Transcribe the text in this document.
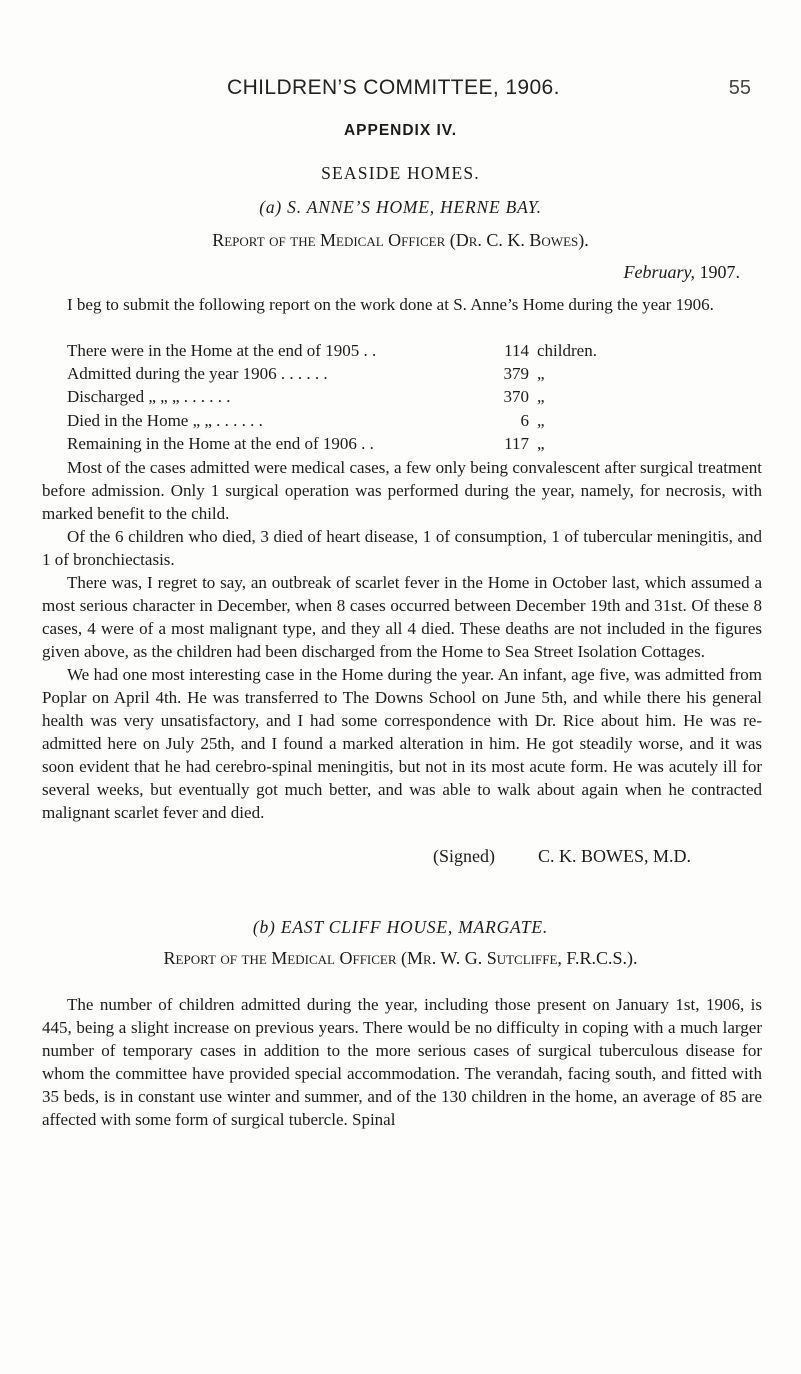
CHILDREN’S COMMITTEE, 1906.	55
APPENDIX IV.
SEASIDE HOMES.
(a) S. ANNE’S HOME, HERNE BAY.
Report of the Medical Officer (Dr. C. K. Bowes).
February, 1907.

I beg to submit the following report on the work done at S. Anne’s Home during the year 1906.

There were in the Home at the end of 1905 . .	114 children.
Admitted during the year 1906 . . . . . .	379 „
Discharged „ „ „ . . . . . .	370 „
Died in the Home „ „ . . . . . .	6 „
Remaining in the Home at the end of 1906 . .	117 „

Most of the cases admitted were medical cases, a few only being convalescent after surgical treatment before admission. Only 1 surgical operation was performed during the year, namely, for necrosis, with marked benefit to the child.

Of the 6 children who died, 3 died of heart disease, 1 of consumption, 1 of tubercular meningitis, and 1 of bronchiectasis.

There was, I regret to say, an outbreak of scarlet fever in the Home in October last, which assumed a most serious character in December, when 8 cases occurred between December 19th and 31st. Of these 8 cases, 4 were of a most malignant type, and they all 4 died. These deaths are not included in the figures given above, as the children had been discharged from the Home to Sea Street Isolation Cottages.

We had one most interesting case in the Home during the year. An infant, age five, was admitted from Poplar on April 4th. He was transferred to The Downs School on June 5th, and while there his general health was very unsatisfactory, and I had some correspondence with Dr. Rice about him. He was re-admitted here on July 25th, and I found a marked alteration in him. He got steadily worse, and it was soon evident that he had cerebro-spinal meningitis, but not in its most acute form. He was acutely ill for several weeks, but eventually got much better, and was able to walk about again when he contracted malignant scarlet fever and died.

(Signed) C. K. BOWES, M.D.
(b) EAST CLIFF HOUSE, MARGATE.
Report of the Medical Officer (Mr. W. G. Sutcliffe, F.R.C.S.).

The number of children admitted during the year, including those present on January 1st, 1906, is 445, being a slight increase on previous years. There would be no difficulty in coping with a much larger number of temporary cases in addition to the more serious cases of surgical tuberculous disease for whom the committee have provided special accommodation. The verandah, facing south, and fitted with 35 beds, is in constant use winter and summer, and of the 130 children in the home, an average of 85 are affected with some form of surgical tubercle. Spinal
